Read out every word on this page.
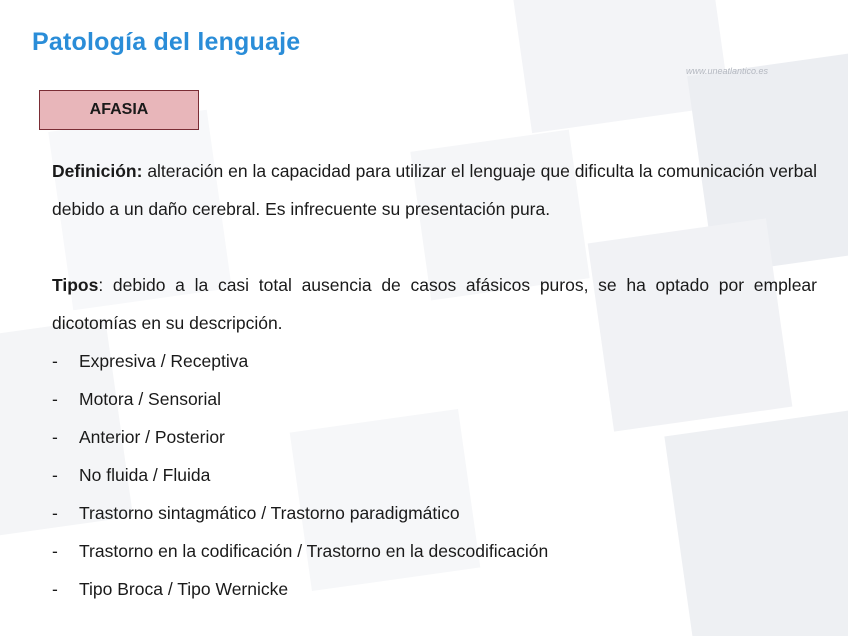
Patología del lenguaje
www.uneatlantico.es
AFASIA

Definición: alteración en la capacidad para utilizar el lenguaje que dificulta la comunicación verbal debido a un daño cerebral. Es infrecuente su presentación pura.

Tipos: debido a la casi total ausencia de casos afásicos puros, se ha optado por emplear dicotomías en su descripción.

- Expresiva / Receptiva
- Motora / Sensorial
- Anterior / Posterior
- No fluida / Fluida
- Trastorno sintagmático / Trastorno paradigmático
- Trastorno en la codificación / Trastorno en la descodificación
- Tipo Broca / Tipo Wernicke
